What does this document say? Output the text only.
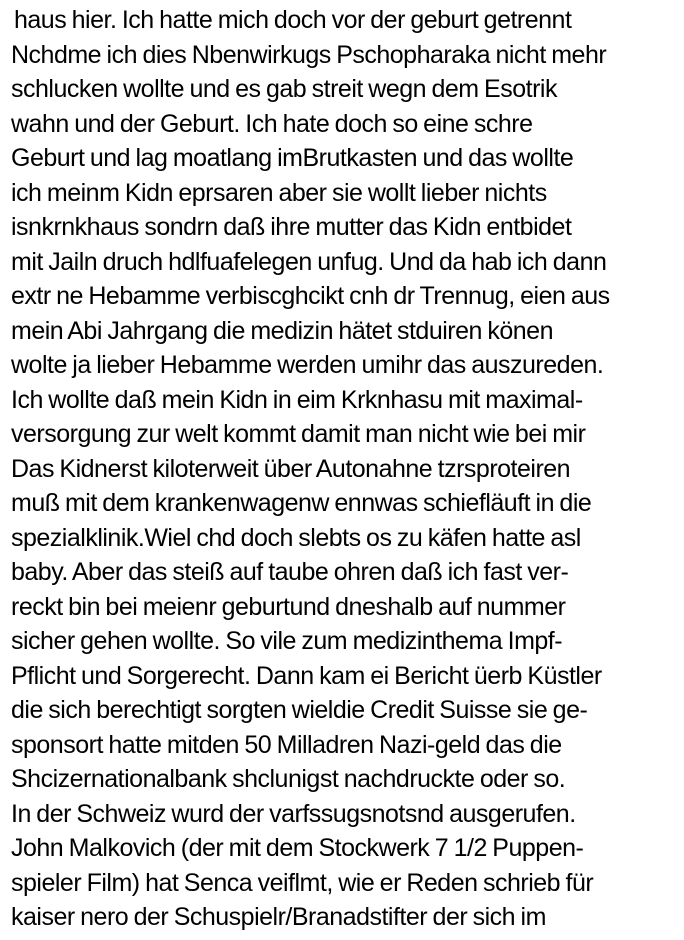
haus hier. Ich hatte mich doch vor der geburt getrennt
Nchdme ich dies Nbenwirkugs Pschopharaka nicht mehr
schlucken wollte und es gab streit wegn dem Esotrik
wahn und der Geburt. Ich hate doch so eine schre
Geburt und lag moatlang imBrutkasten und das wollte
ich meinm Kidn eprsaren aber sie wollt lieber nichts
isnkrnkhaus sondrn daß ihre mutter das Kidn entbidet
mit Jailn druch hdlfuafelegen unfug. Und da hab ich dann
extr ne Hebamme verbiscghcikt cnh dr Trennug, eien aus
mein Abi Jahrgang die medizin hätet stduiren könen
wolte ja lieber Hebamme werden umihr das auszureden.
Ich wollte daß mein Kidn in eim Krknhasu mit maximal-
versorgung zur welt kommt damit man nicht wie bei mir
Das Kidnerst kiloterweit über Autonahne tzrsproteiren
muß mit dem krankenwagenw ennwas schiefläuft in die
spezialklinik.Wiel chd doch slebts os zu käfen hatte asl
baby. Aber das steiß auf taube ohren daß ich fast ver-
reckt bin bei meienr geburtund dneshalb auf nummer
sicher gehen wollte. So vile zum medizinthema Impf-
Pflicht und Sorgerecht. Dann kam ei Bericht üerb Küstler
die sich berechtigt sorgten wieldie Credit Suisse sie ge-
sponsort hatte mitden 50 Milladren Nazi-geld das die
Shcizernationalbank shclunigst nachdruckte oder so.
In der Schweiz wurd der varfssugsnotsnd ausgerufen.
John Malkovich (der mit dem Stockwerk 7 1/2 Puppen-
spieler Film) hat Senca veiflmt, wie er Reden schrieb für
kaiser nero der Schuspielr/Branadstifter der sich im
